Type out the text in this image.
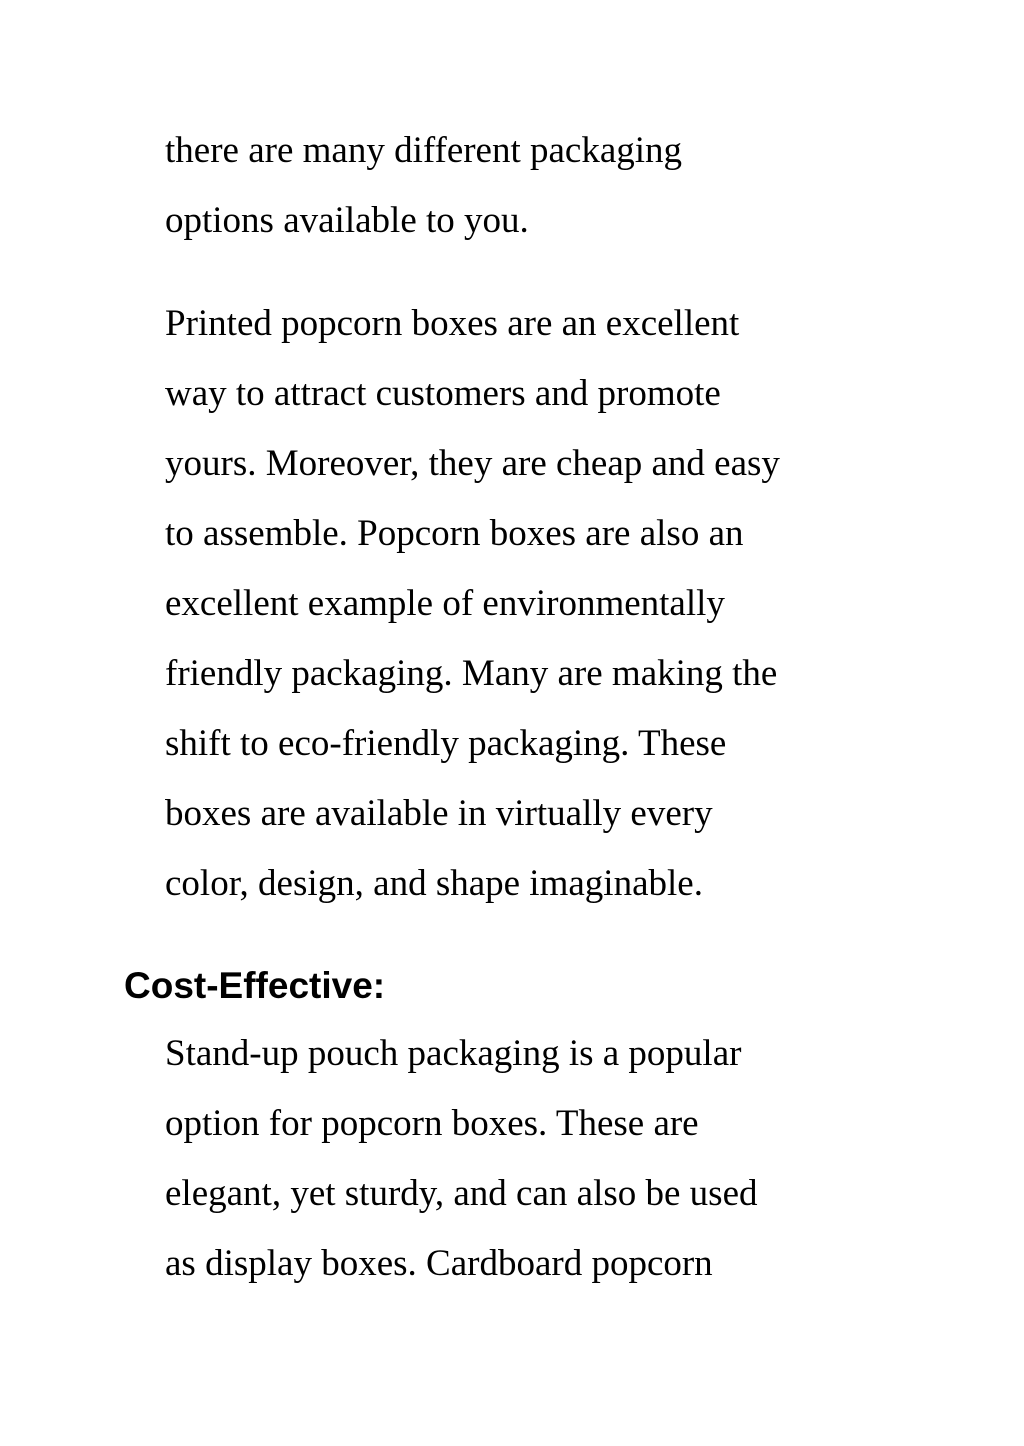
there are many different packaging
options available to you.

Printed popcorn boxes are an excellent
way to attract customers and promote
yours. Moreover, they are cheap and easy
to assemble. Popcorn boxes are also an
excellent example of environmentally
friendly packaging. Many are making the
shift to eco-friendly packaging. These
boxes are available in virtually every
color, design, and shape imaginable.

Cost-Effective:

Stand-up pouch packaging is a popular
option for popcorn boxes. These are
elegant, yet sturdy, and can also be used
as display boxes. Cardboard popcorn
